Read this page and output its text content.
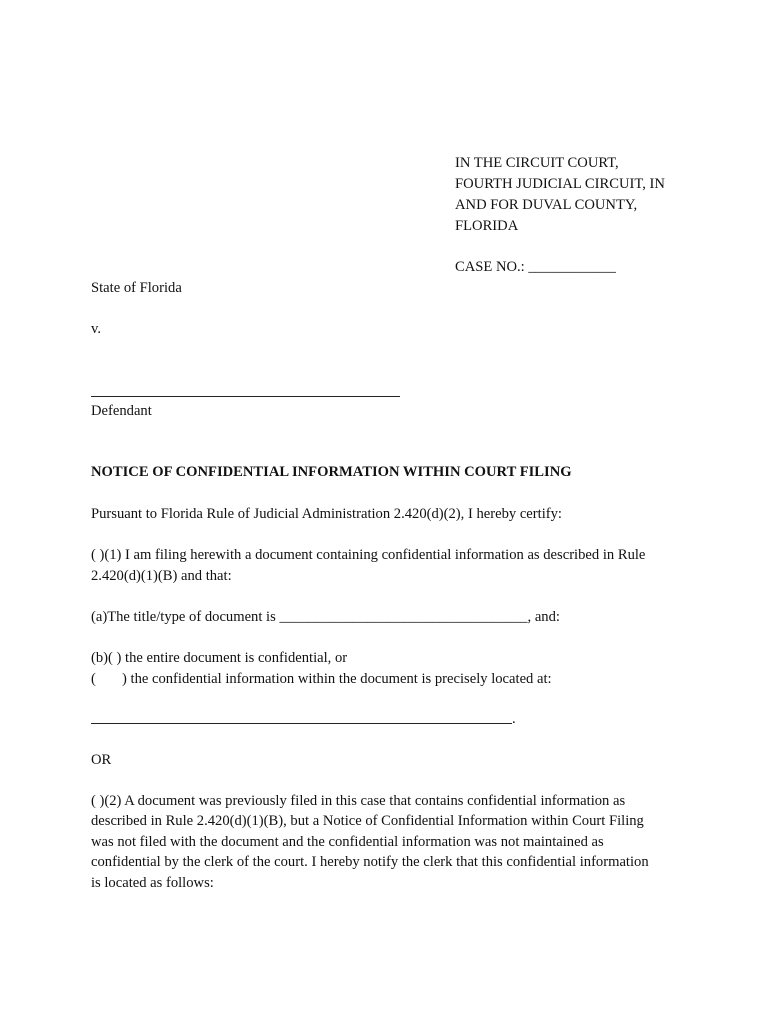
IN THE CIRCUIT COURT,
FOURTH JUDICIAL CIRCUIT, IN
AND FOR DUVAL COUNTY,
FLORIDA
CASE NO.: ____________
State of Florida
v.
Defendant
NOTICE OF CONFIDENTIAL INFORMATION WITHIN COURT FILING
Pursuant to Florida Rule of Judicial Administration 2.420(d)(2), I hereby certify:
( )(1) I am filing herewith a document containing confidential information as described in Rule
2.420(d)(1)(B) and that:
(a)The title/type of document is __________________________________, and:
(b)( ) the entire document is confidential, or
( ) the confidential information within the document is precisely located at:
.
OR
( )(2) A document was previously filed in this case that contains confidential information as
described in Rule 2.420(d)(1)(B), but a Notice of Confidential Information within Court Filing
was not filed with the document and the confidential information was not maintained as
confidential by the clerk of the court. I hereby notify the clerk that this confidential information
is located as follows:
